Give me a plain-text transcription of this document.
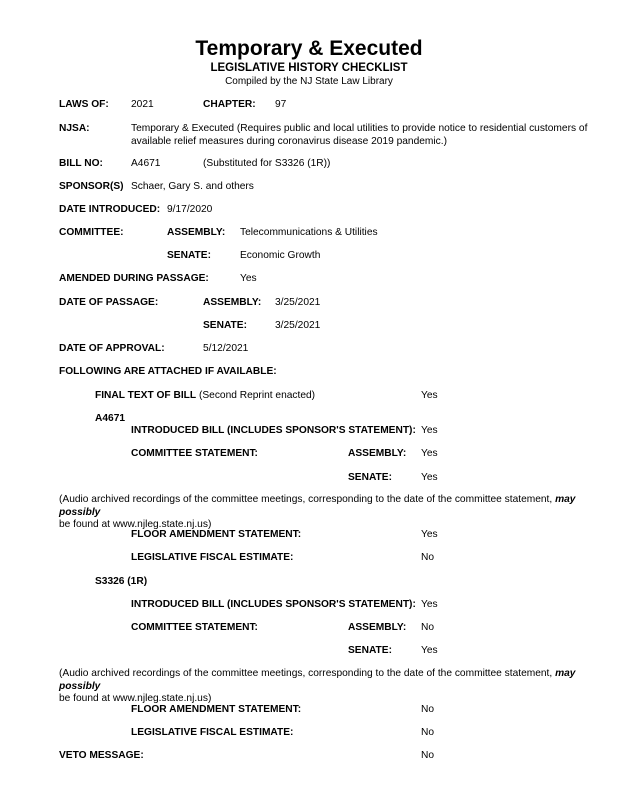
Temporary & Executed
LEGISLATIVE HISTORY CHECKLIST
Compiled by the NJ State Law Library
LAWS OF: 2021	CHAPTER: 97
NJSA:	Temporary & Executed (Requires public and local utilities to provide notice to residential customers of available relief measures during coronavirus disease 2019 pandemic.)
BILL NO:	A4671	(Substituted for S3326 (1R))
SPONSOR(S) Schaer, Gary S. and others
DATE INTRODUCED: 9/17/2020
COMMITTEE:	ASSEMBLY: Telecommunications & Utilities
SENATE:	Economic Growth
AMENDED DURING PASSAGE:	Yes
DATE OF PASSAGE:	ASSEMBLY: 3/25/2021
SENATE:	3/25/2021
DATE OF APPROVAL:	5/12/2021
FOLLOWING ARE ATTACHED IF AVAILABLE:
FINAL TEXT OF BILL (Second Reprint enacted)	Yes
A4671
INTRODUCED BILL (INCLUDES SPONSOR'S STATEMENT): Yes
COMMITTEE STATEMENT:	ASSEMBLY: Yes
SENATE:	Yes
(Audio archived recordings of the committee meetings, corresponding to the date of the committee statement, may possibly
be found at www.njleg.state.nj.us)
FLOOR AMENDMENT STATEMENT:	Yes
LEGISLATIVE FISCAL ESTIMATE:	No
S3326 (1R)
INTRODUCED BILL (INCLUDES SPONSOR'S STATEMENT): Yes
COMMITTEE STATEMENT:	ASSEMBLY: No
SENATE:	Yes
(Audio archived recordings of the committee meetings, corresponding to the date of the committee statement, may possibly
be found at www.njleg.state.nj.us)
FLOOR AMENDMENT STATEMENT:	No
LEGISLATIVE FISCAL ESTIMATE:	No
VETO MESSAGE:	No
